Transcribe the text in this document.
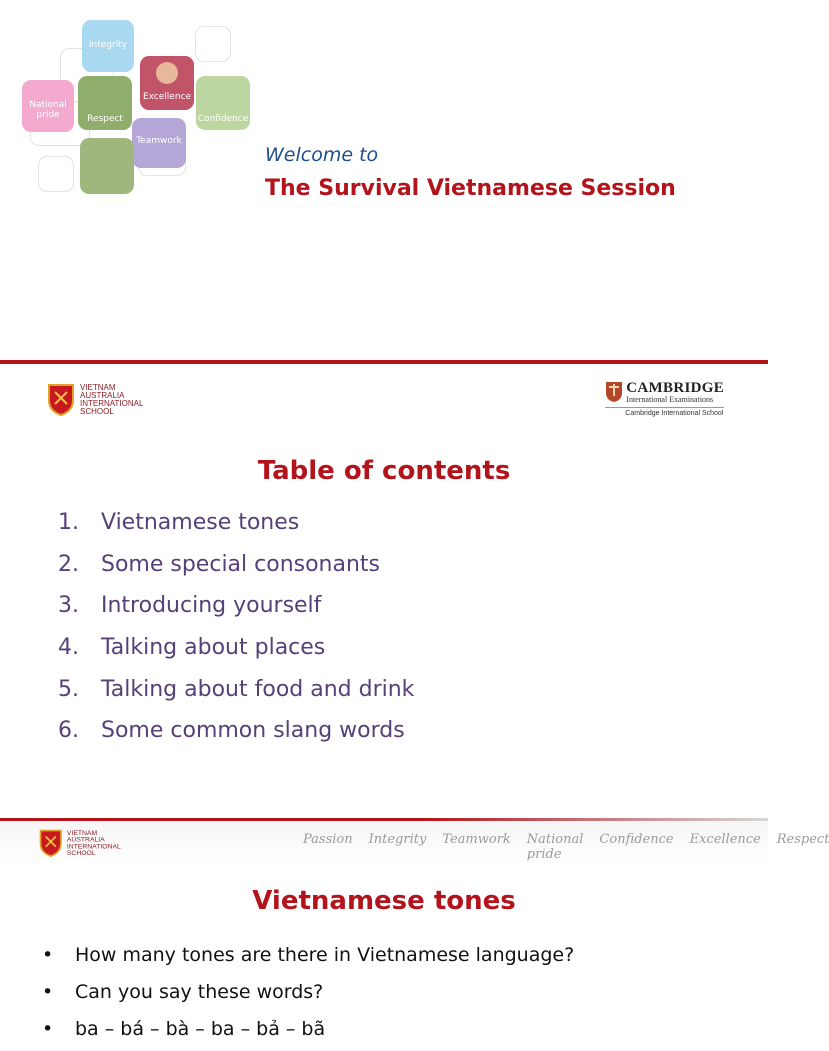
Integrity
National pride	Respect
Excellence
Confidence
Teamwork
Welcome to
The Survival Vietnamese Session
VIETNAM
AUSTRALIA
INTERNATIONAL
SCHOOL
CAMBRIDGE
International Examinations
Cambridge International School
Table of contents
1.	Vietnamese tones
2.	Some special consonants
3.	Introducing yourself
4.	Talking about places
5.	Talking about food and drink
6.	Some common slang words
VIETNAM
AUSTRALIA
INTERNATIONAL
SCHOOL
Passion Integrity Teamwork National pride
Confidence Excellence Respect
Vietnamese tones
•	How many tones are there in Vietnamese language?
•	Can you say these words?
•	ba – bá – bà – ba – bả – bã
